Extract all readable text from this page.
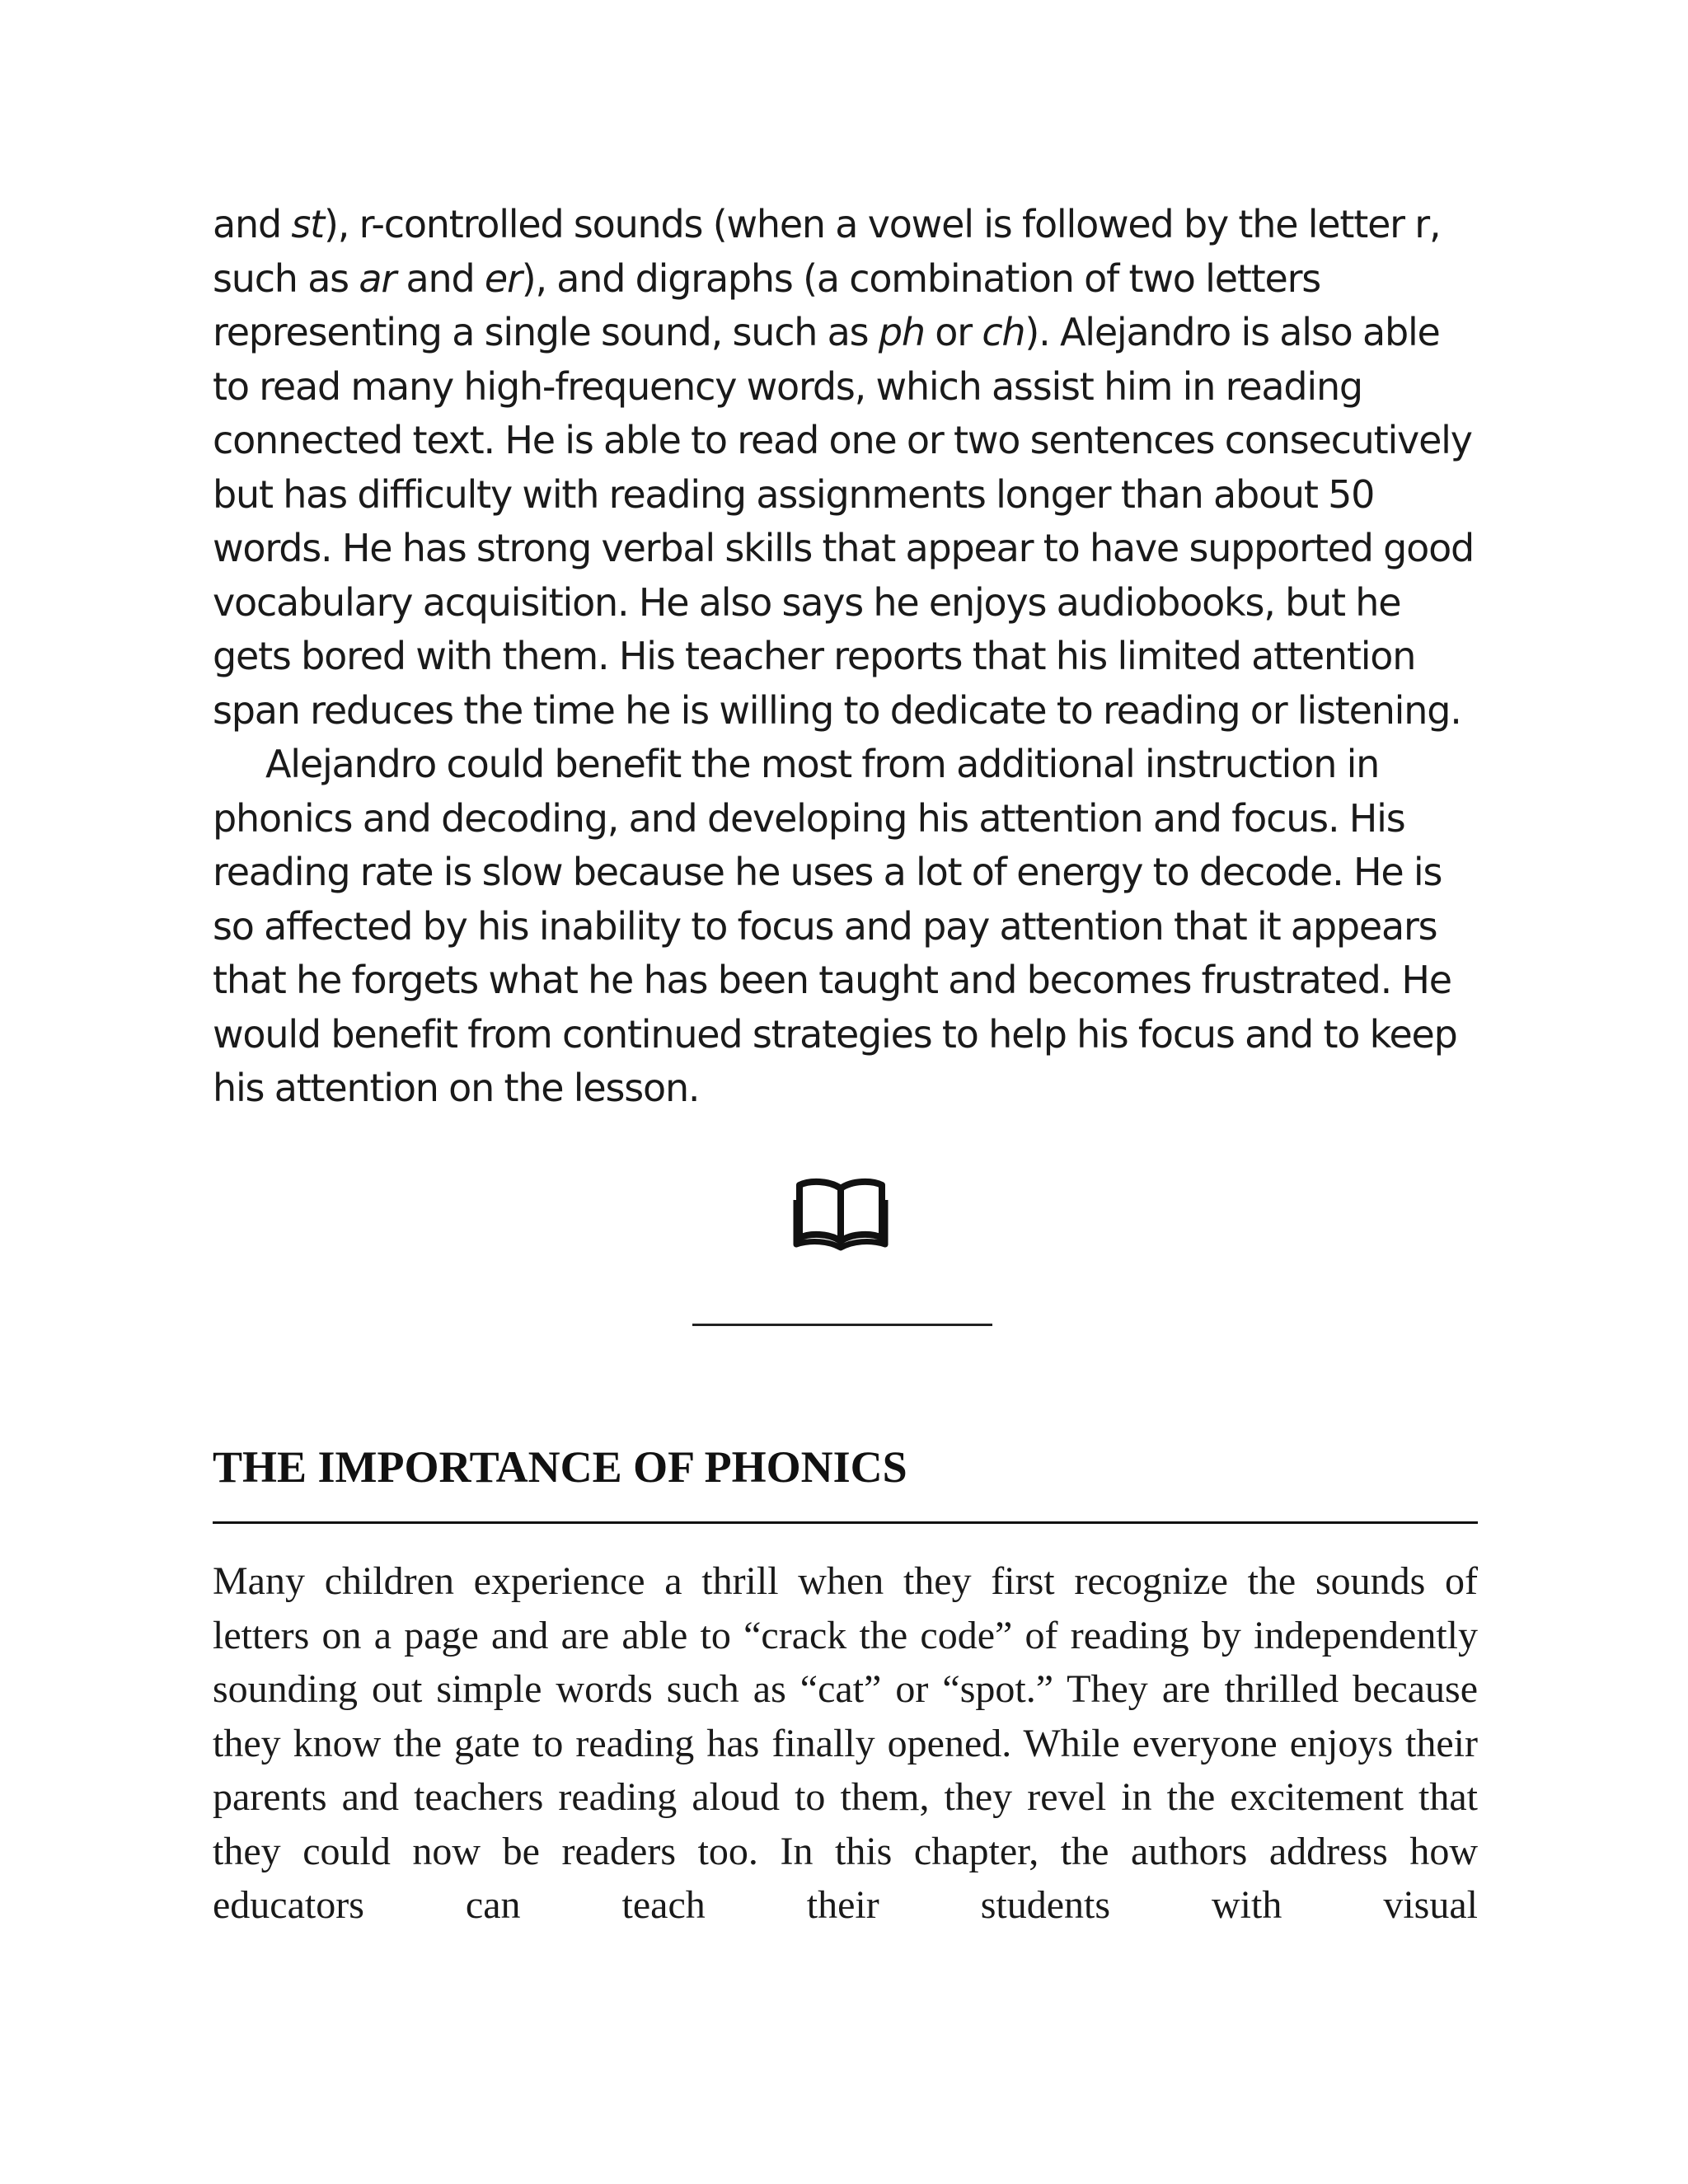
and st), r-controlled sounds (when a vowel is followed by the letter r, such as ar and er), and digraphs (a combination of two letters representing a single sound, such as ph or ch). Alejandro is also able to read many high-frequency words, which assist him in reading connected text. He is able to read one or two sentences consecutively but has difficulty with reading assignments longer than about 50 words. He has strong verbal skills that appear to have supported good vocabulary acquisition. He also says he enjoys audiobooks, but he gets bored with them. His teacher reports that his limited attention span reduces the time he is willing to dedicate to reading or listening.

Alejandro could benefit the most from additional instruction in phonics and decoding, and developing his attention and focus. His reading rate is slow because he uses a lot of energy to decode. He is so affected by his inability to focus and pay attention that it appears that he forgets what he has been taught and becomes frustrated. He would benefit from continued strategies to help his focus and to keep his attention on the lesson.

THE IMPORTANCE OF PHONICS

Many children experience a thrill when they first recognize the sounds of letters on a page and are able to “crack the code” of reading by independently sounding out simple words such as “cat” or “spot.” They are thrilled because they know the gate to reading has finally opened. While everyone enjoys their parents and teachers reading aloud to them, they revel in the excitement that they could now be readers too. In this chapter, the authors address how educators can teach their students with visual
